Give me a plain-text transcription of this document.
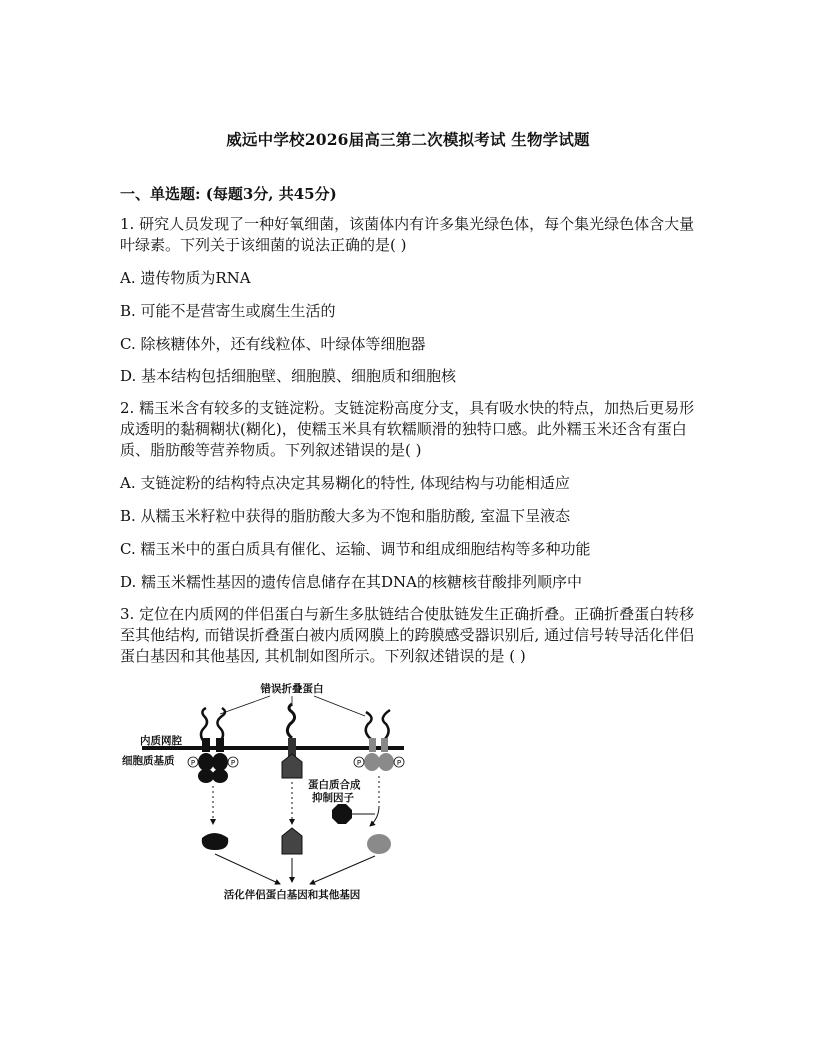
威远中学校2026届高三第二次模拟考试 生物学试题
一、单选题: (每题3分, 共45分)

1. 研究人员发现了一种好氧细菌，该菌体内有许多集光绿色体，每个集光绿色体含大量叶绿素。下列关于该细菌的说法正确的是( )

A. 遗传物质为RNA

B. 可能不是营寄生或腐生生活的

C. 除核糖体外，还有线粒体、叶绿体等细胞器

D. 基本结构包括细胞壁、细胞膜、细胞质和细胞核

2. 糯玉米含有较多的支链淀粉。支链淀粉高度分支，具有吸水快的特点，加热后更易形成透明的黏稠糊状(糊化)，使糯玉米具有软糯顺滑的独特口感。此外糯玉米还含有蛋白质、脂肪酸等营养物质。下列叙述错误的是( )

A. 支链淀粉的结构特点决定其易糊化的特性, 体现结构与功能相适应

B. 从糯玉米籽粒中获得的脂肪酸大多为不饱和脂肪酸, 室温下呈液态

C. 糯玉米中的蛋白质具有催化、运输、调节和组成细胞结构等多种功能

D. 糯玉米糯性基因的遗传信息储存在其DNA的核糖核苷酸排列顺序中

3. 定位在内质网的伴侣蛋白与新生多肽链结合使肽链发生正确折叠。正确折叠蛋白转移至其他结构, 而错误折叠蛋白被内质网膜上的跨膜感受器识别后, 通过信号转导活化伴侣蛋白基因和其他基因, 其机制如图所示。下列叙述错误的是 ( )

错误折叠蛋白
内质网腔
细胞质基质 P	P	P	P
蛋白质合成
抑制因子
活化伴侣蛋白基因和其他基因
